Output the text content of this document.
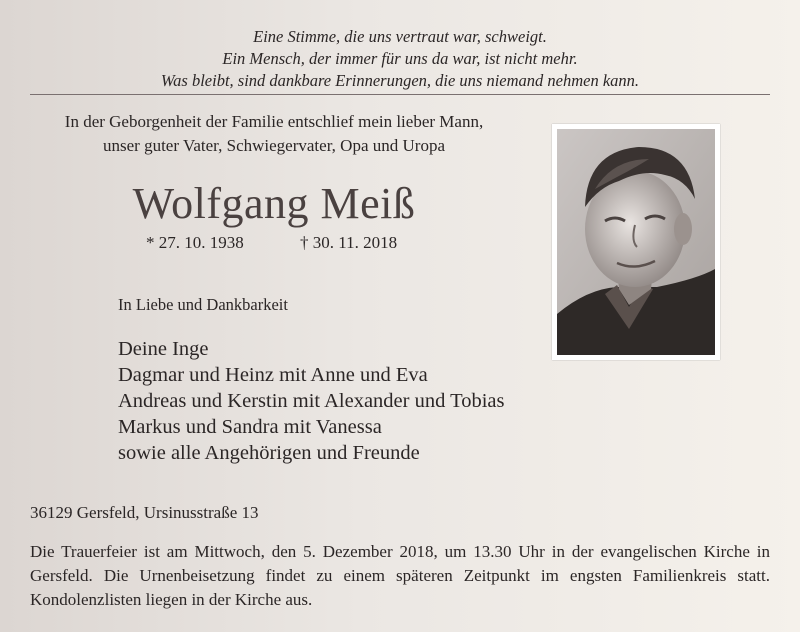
Eine Stimme, die uns vertraut war, schweigt.
Ein Mensch, der immer für uns da war, ist nicht mehr.
Was bleibt, sind dankbare Erinnerungen, die uns niemand nehmen kann.
In der Geborgenheit der Familie entschlief mein lieber Mann,
unser guter Vater, Schwiegervater, Opa und Uropa
Wolfgang Meiß
* 27. 10. 1938	† 30. 11. 2018
In Liebe und Dankbarkeit
Deine Inge
Dagmar und Heinz mit Anne und Eva
Andreas und Kerstin mit Alexander und Tobias
Markus und Sandra mit Vanessa
sowie alle Angehörigen und Freunde
36129 Gersfeld, Ursinusstraße 13
Die Trauerfeier ist am Mittwoch, den 5. Dezember 2018, um 13.30 Uhr in der evangelischen Kirche in Gersfeld. Die Urnenbeisetzung findet zu einem späteren Zeitpunkt im engsten Familienkreis statt. Kondolenzlisten liegen in der Kirche aus.
